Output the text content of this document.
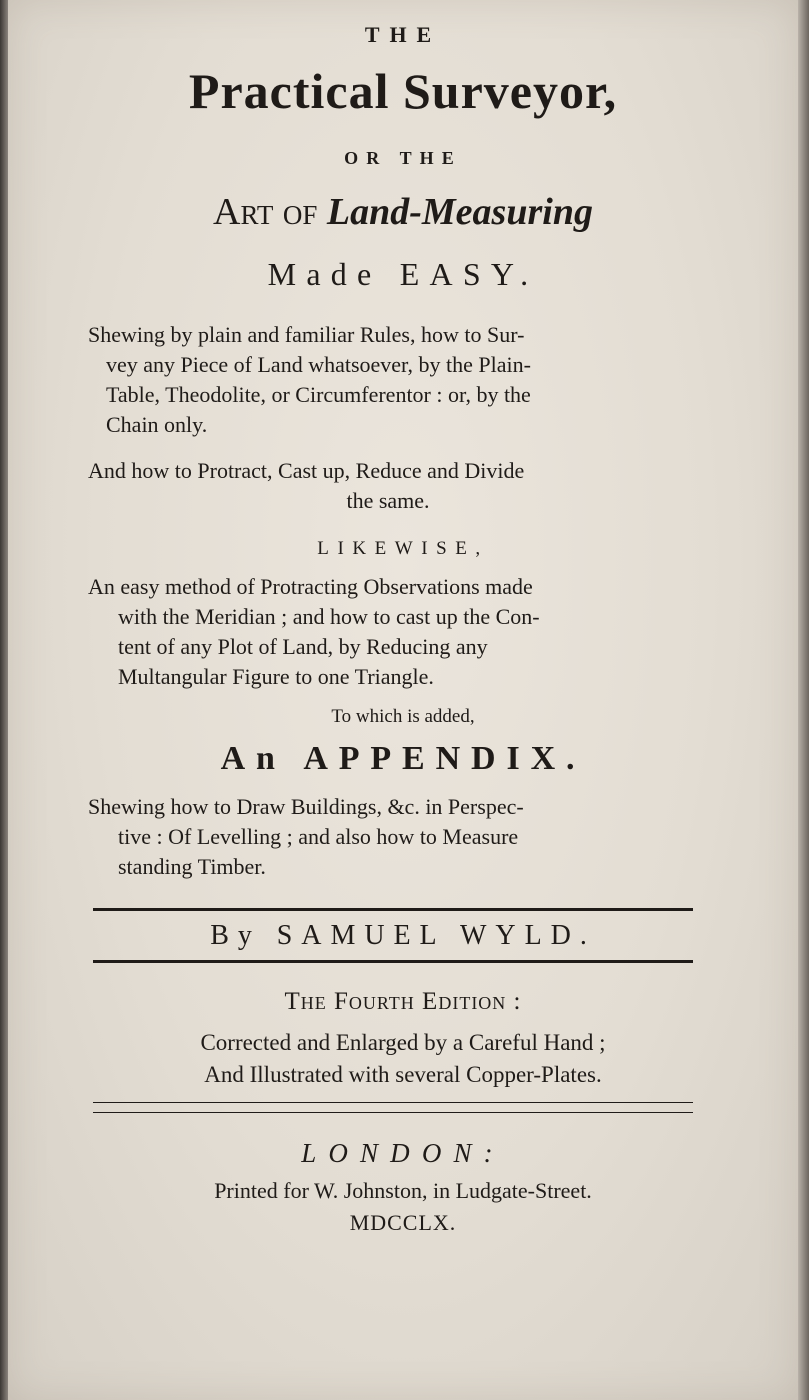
THE
Practical Surveyor,
OR THE
Art of Land-Measuring
Made EASY.
Shewing by plain and familiar Rules, how to Sur-
vey any Piece of Land whatsoever, by the Plain-
Table, Theodolite, or Circumferentor : or, by the
Chain only.
And how to Protract, Cast up, Reduce and Divide
the same.
LIKEWISE,
An easy method of Protracting Observations made
with the Meridian ; and how to cast up the Con-
tent of any Plot of Land, by Reducing any
Multangular Figure to one Triangle.
To which is added,
An APPENDIX.
Shewing how to Draw Buildings, &c. in Perspec-
tive : Of Levelling ; and also how to Measure
standing Timber.
By SAMUEL WYLD.
The Fourth Edition :
Corrected and Enlarged by a Careful Hand ;
And Illustrated with several Copper-Plates.
LONDON:
Printed for W. Johnston, in Ludgate-Street.
MDCCLX.
